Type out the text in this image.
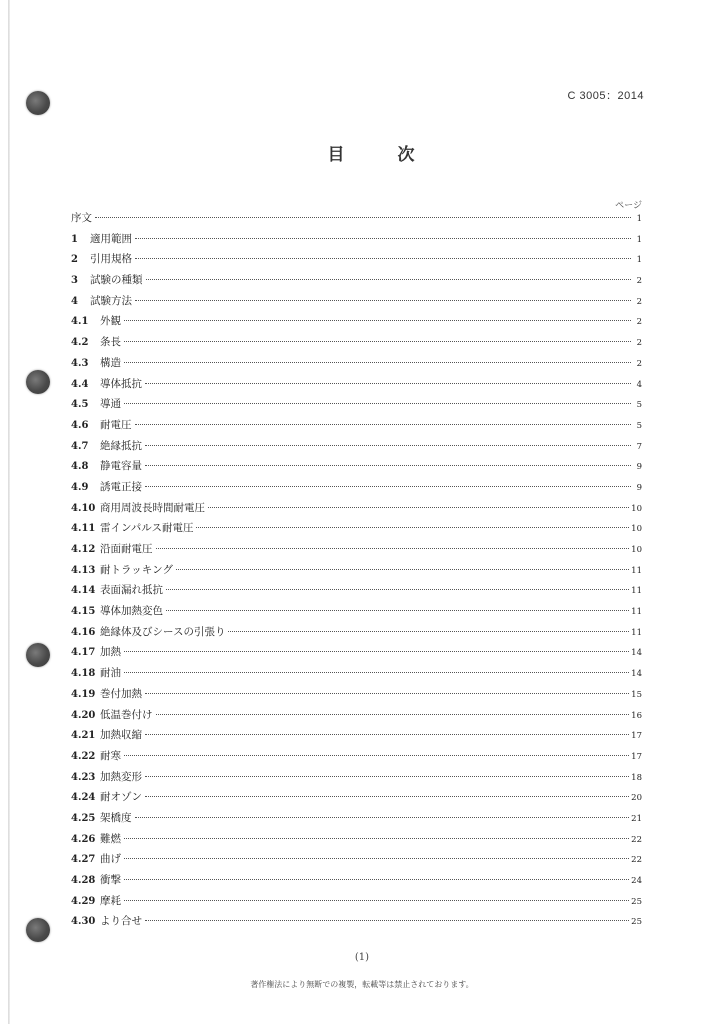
C 3005：2014
目　次
ページ
序文	1
1	適用範囲	1
2	引用規格	1
3	試験の種類	2
4	試験方法	2
4.1	外観	2
4.2	条長	2
4.3	構造	2
4.4	導体抵抗	4
4.5	導通	5
4.6	耐電圧	5
4.7	絶縁抵抗	7
4.8	静電容量	9
4.9	誘電正接	9
4.10 商用周波長時間耐電圧	10
4.11 雷インパルス耐電圧	10
4.12 沿面耐電圧	10
4.13 耐トラッキング	11
4.14 表面漏れ抵抗	11
4.15 導体加熱変色	11
4.16 絶縁体及びシースの引張り	11
4.17 加熱	14
4.18 耐油	14
4.19 巻付加熱	15
4.20 低温巻付け	16
4.21 加熱収縮	17
4.22 耐寒	17
4.23 加熱変形	18
4.24 耐オゾン	20
4.25 架橋度	21
4.26 難燃	22
4.27 曲げ	22
4.28 衝撃	24
4.29 摩耗	25
4.30 より合せ	25
(1)
著作権法により無断での複製，転載等は禁止されております。
